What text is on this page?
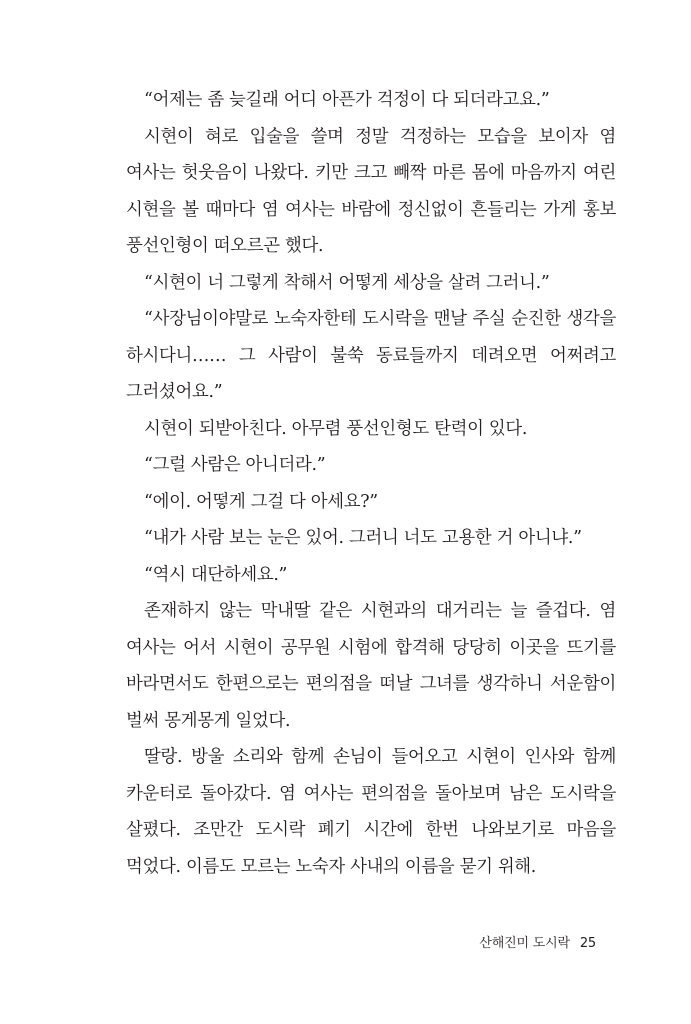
“어제는 좀 늦길래 어디 아픈가 걱정이 다 되더라고요.”

시현이 혀로 입술을 쓸며 정말 걱정하는 모습을 보이자 염 여사는 헛웃음이 나왔다. 키만 크고 빼짝 마른 몸에 마음까지 여린 시현을 볼 때마다 염 여사는 바람에 정신없이 흔들리는 가게 홍보 풍선인형이 떠오르곤 했다.

“시현이 너 그렇게 착해서 어떻게 세상을 살려 그러니.”

“사장님이야말로 노숙자한테 도시락을 맨날 주실 순진한 생각을 하시다니…… 그 사람이 불쑥 동료들까지 데려오면 어쩌려고 그러셨어요.”

시현이 되받아친다. 아무렴 풍선인형도 탄력이 있다.

“그럴 사람은 아니더라.”

“에이. 어떻게 그걸 다 아세요?”

“내가 사람 보는 눈은 있어. 그러니 너도 고용한 거 아니냐.”

“역시 대단하세요.”

존재하지 않는 막내딸 같은 시현과의 대거리는 늘 즐겁다. 염 여사는 어서 시현이 공무원 시험에 합격해 당당히 이곳을 뜨기를 바라면서도 한편으로는 편의점을 떠날 그녀를 생각하니 서운함이 벌써 몽게몽게 일었다.

딸랑. 방울 소리와 함께 손님이 들어오고 시현이 인사와 함께 카운터로 돌아갔다. 염 여사는 편의점을 돌아보며 남은 도시락을 살폈다. 조만간 도시락 폐기 시간에 한번 나와보기로 마음을 먹었다. 이름도 모르는 노숙자 사내의 이름을 묻기 위해.

산해진미 도시락 25
